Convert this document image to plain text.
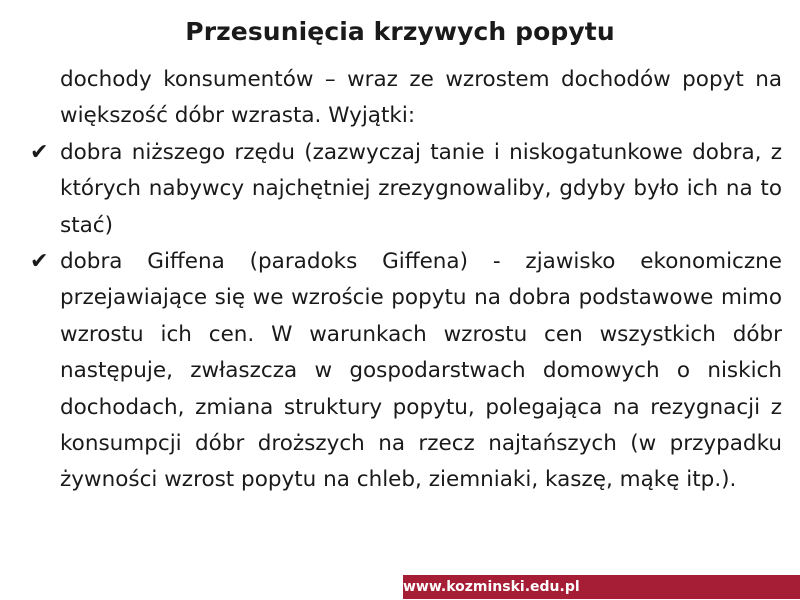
Przesunięcia krzywych popytu

dochody konsumentów – wraz ze wzrostem dochodów popyt na większość dóbr wzrasta. Wyjątki:

✔ dobra niższego rzędu (zazwyczaj tanie i niskogatunkowe dobra, z których nabywcy najchętniej zrezygnowaliby, gdyby było ich na to stać)

✔ dobra Giffena (paradoks Giffena) - zjawisko ekonomiczne przejawiające się we wzroście popytu na dobra podstawowe mimo wzrostu ich cen. W warunkach wzrostu cen wszystkich dóbr następuje, zwłaszcza w gospodarstwach domowych o niskich dochodach, zmiana struktury popytu, polegająca na rezygnacji z konsumpcji dóbr droższych na rzecz najtańszych (w przypadku żywności wzrost popytu na chleb, ziemniaki, kaszę, mąkę itp.).

www.kozminski.edu.pl
